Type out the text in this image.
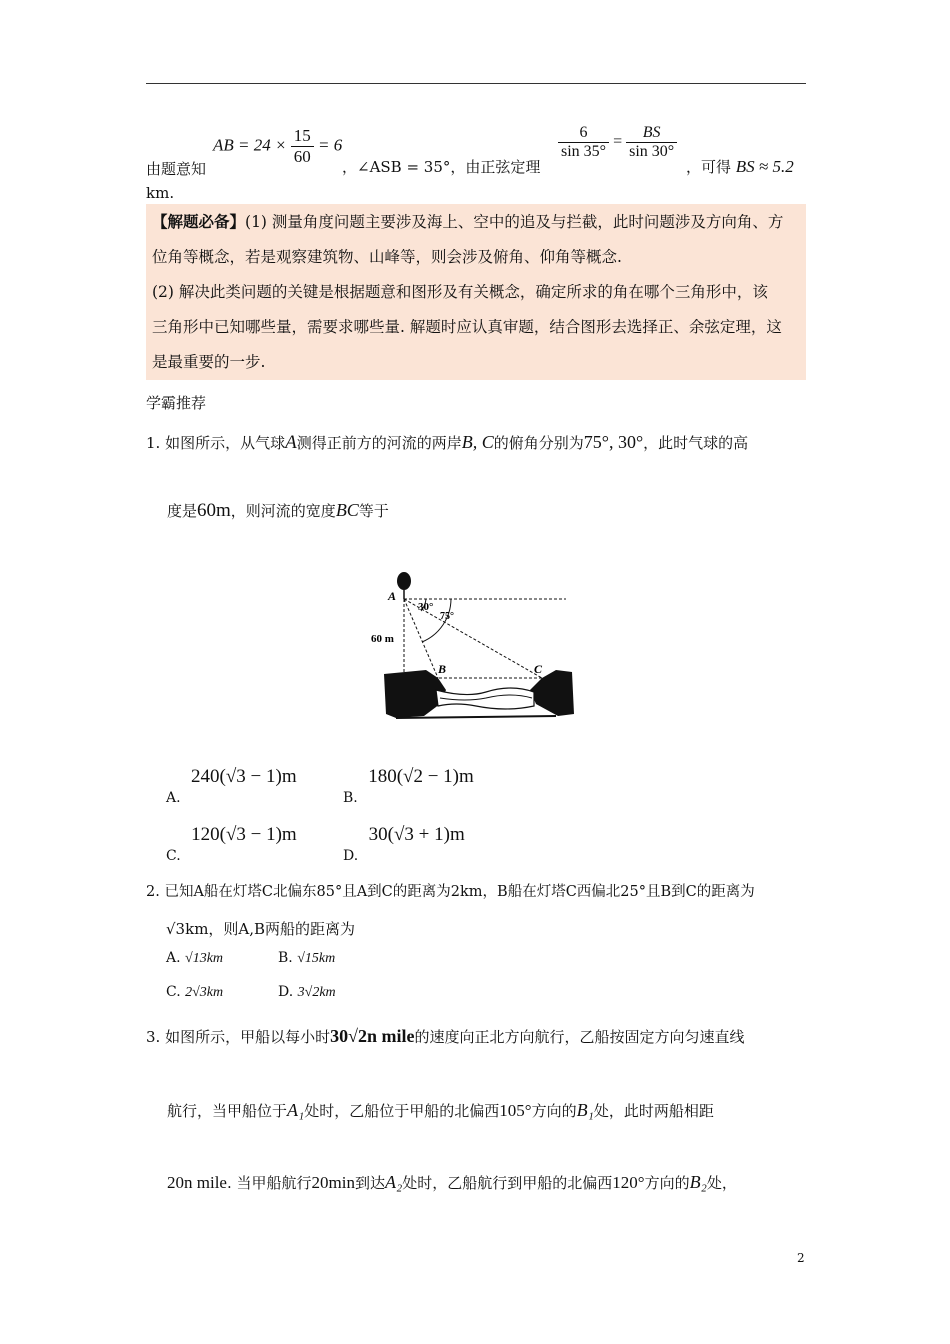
由题意知
AB = $24 \times \frac{15}{60} = 6$
，∠ASB = 35°，由正弦定理
$\frac{6}{\sin 35^\circ} = \frac{BS}{\sin 30^\circ}$
，可得 BS ≈ 5.2
km.
【解题必备】(1) 测量角度问题主要涉及海上、空中的追及与拦截，此时问题涉及方向角、方
位角等概念，若是观察建筑物、山峰等，则会涉及俯角、仰角等概念.
(2) 解决此类问题的关键是根据题意和图形及有关概念，确定所求的角在哪个三角形中，该
三角形中已知哪些量，需要求哪些量. 解题时应认真审题，结合图形去选择正、余弦定理，这
是最重要的一步.
学霸推荐
1. 如图所示，从气球A测得正前方的河流的两岸B, C的俯角分别为75°, 30°，此时气球的高
度是60m，则河流的宽度BC等于
A
30°
75°
60 m
B	C
A. 240(√3 − 1)m
B. 180(√2 − 1)m
C. 120(√3 − 1)m
D. 30(√3 + 1)m
2. 已知A船在灯塔C北偏东85°且A到C的距离为2km，B船在灯塔C西偏北25°且B到C的距离为
√3km，则A,B两船的距离为
A. √13km	B. √15km
C. 2√3km	D. 3√2km
3. 如图所示，甲船以每小时30√2n mile的速度向正北方向航行，乙船按固定方向匀速直线
航行，当甲船位于A₁处时，乙船位于甲船的北偏西105°方向的B₁处，此时两船相距
20n mile. 当甲船航行20min到达A₂处时，乙船航行到甲船的北偏西120°方向的B₂处，
2
